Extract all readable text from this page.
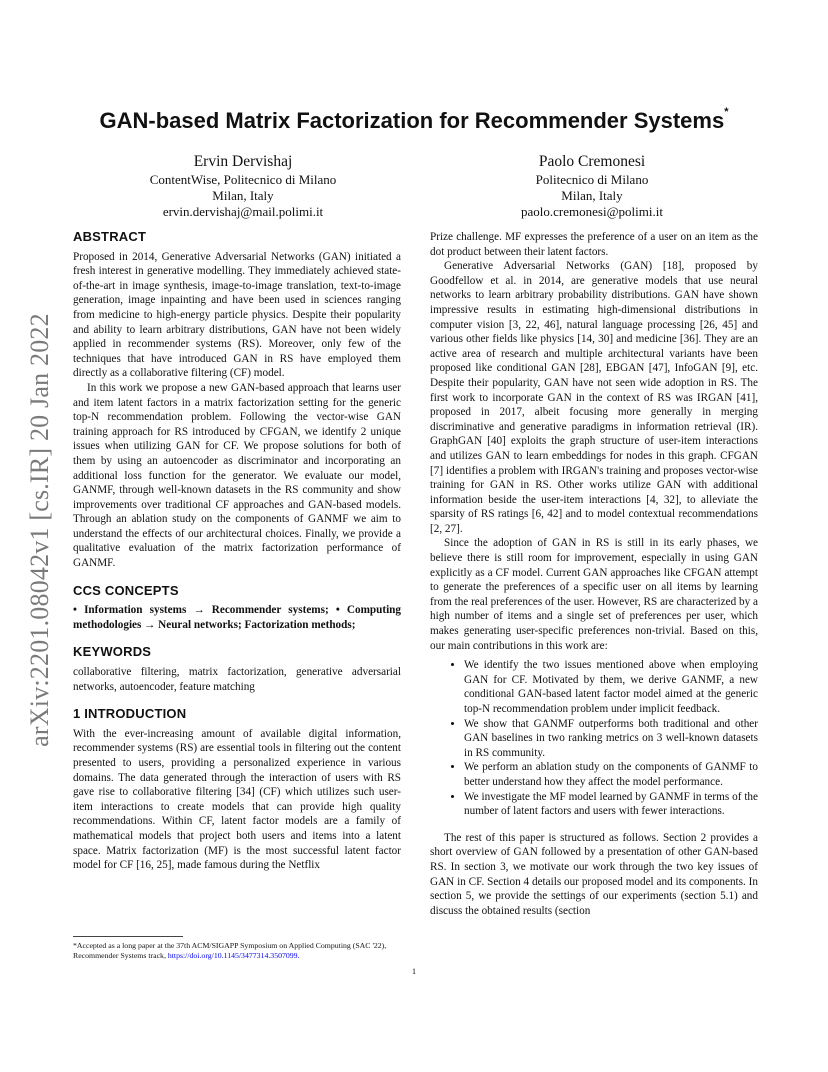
arXiv:2201.08042v1 [cs.IR] 20 Jan 2022
GAN-based Matrix Factorization for Recommender Systems*
Ervin Dervishaj
ContentWise, Politecnico di Milano
Milan, Italy
ervin.dervishaj@mail.polimi.it
Paolo Cremonesi
Politecnico di Milano
Milan, Italy
paolo.cremonesi@polimi.it
ABSTRACT

Proposed in 2014, Generative Adversarial Networks (GAN) initiated a fresh interest in generative modelling. They immediately achieved state-of-the-art in image synthesis, image-to-image translation, text-to-image generation, image inpainting and have been used in sciences ranging from medicine to high-energy particle physics. Despite their popularity and ability to learn arbitrary distributions, GAN have not been widely applied in recommender systems (RS). Moreover, only few of the techniques that have introduced GAN in RS have employed them directly as a collaborative filtering (CF) model.

In this work we propose a new GAN-based approach that learns user and item latent factors in a matrix factorization setting for the generic top-N recommendation problem. Following the vector-wise GAN training approach for RS introduced by CFGAN, we identify 2 unique issues when utilizing GAN for CF. We propose solutions for both of them by using an autoencoder as discriminator and incorporating an additional loss function for the generator. We evaluate our model, GANMF, through well-known datasets in the RS community and show improvements over traditional CF approaches and GAN-based models. Through an ablation study on the components of GANMF we aim to understand the effects of our architectural choices. Finally, we provide a qualitative evaluation of the matrix factorization performance of GANMF.

CCS CONCEPTS

• Information systems → Recommender systems; • Computing methodologies → Neural networks; Factorization methods;

KEYWORDS

collaborative filtering, matrix factorization, generative adversarial networks, autoencoder, feature matching

1 INTRODUCTION

With the ever-increasing amount of available digital information, recommender systems (RS) are essential tools in filtering out the content presented to users, providing a personalized experience in various domains. The data generated through the interaction of users with RS gave rise to collaborative filtering [34] (CF) which utilizes such user-item interactions to create models that can provide high quality recommendations. Within CF, latent factor models are a family of mathematical models that project both users and items into a latent space. Matrix factorization (MF) is the most successful latent factor model for CF [16, 25], made famous during the Netflix

Prize challenge. MF expresses the preference of a user on an item as the dot product between their latent factors.

Generative Adversarial Networks (GAN) [18], proposed by Goodfellow et al. in 2014, are generative models that use neural networks to learn arbitrary probability distributions. GAN have shown impressive results in estimating high-dimensional distributions in computer vision [3, 22, 46], natural language processing [26, 45] and various other fields like physics [14, 30] and medicine [36]. They are an active area of research and multiple architectural variants have been proposed like conditional GAN [28], EBGAN [47], InfoGAN [9], etc. Despite their popularity, GAN have not seen wide adoption in RS. The first work to incorporate GAN in the context of RS was IRGAN [41], proposed in 2017, albeit focusing more generally in merging discriminative and generative paradigms in information retrieval (IR). GraphGAN [40] exploits the graph structure of user-item interactions and utilizes GAN to learn embeddings for nodes in this graph. CFGAN [7] identifies a problem with IRGAN's training and proposes vector-wise training for GAN in RS. Other works utilize GAN with additional information beside the user-item interactions [4, 32], to alleviate the sparsity of RS ratings [6, 42] and to model contextual recommendations [2, 27].

Since the adoption of GAN in RS is still in its early phases, we believe there is still room for improvement, especially in using GAN explicitly as a CF model. Current GAN approaches like CFGAN attempt to generate the preferences of a specific user on all items by learning from the real preferences of the user. However, RS are characterized by a high number of items and a single set of preferences per user, which makes generating user-specific preferences non-trivial. Based on this, our main contributions in this work are:

• We identify the two issues mentioned above when employing GAN for CF. Motivated by them, we derive GANMF, a new conditional GAN-based latent factor model aimed at the generic top-N recommendation problem under implicit feedback.
• We show that GANMF outperforms both traditional and other GAN baselines in two ranking metrics on 3 well-known datasets in RS community.
• We perform an ablation study on the components of GANMF to better understand how they affect the model performance.
• We investigate the MF model learned by GANMF in terms of the number of latent factors and users with fewer interactions.

The rest of this paper is structured as follows. Section 2 provides a short overview of GAN followed by a presentation of other GAN-based RS. In section 3, we motivate our work through the two key issues of GAN in CF. Section 4 details our proposed model and its components. In section 5, we provide the settings of our experiments (section 5.1) and discuss the obtained results (section

*Accepted as a long paper at the 37th ACM/SIGAPP Symposium on Applied Computing (SAC '22), Recommender Systems track, https://doi.org/10.1145/3477314.3507099.
1
